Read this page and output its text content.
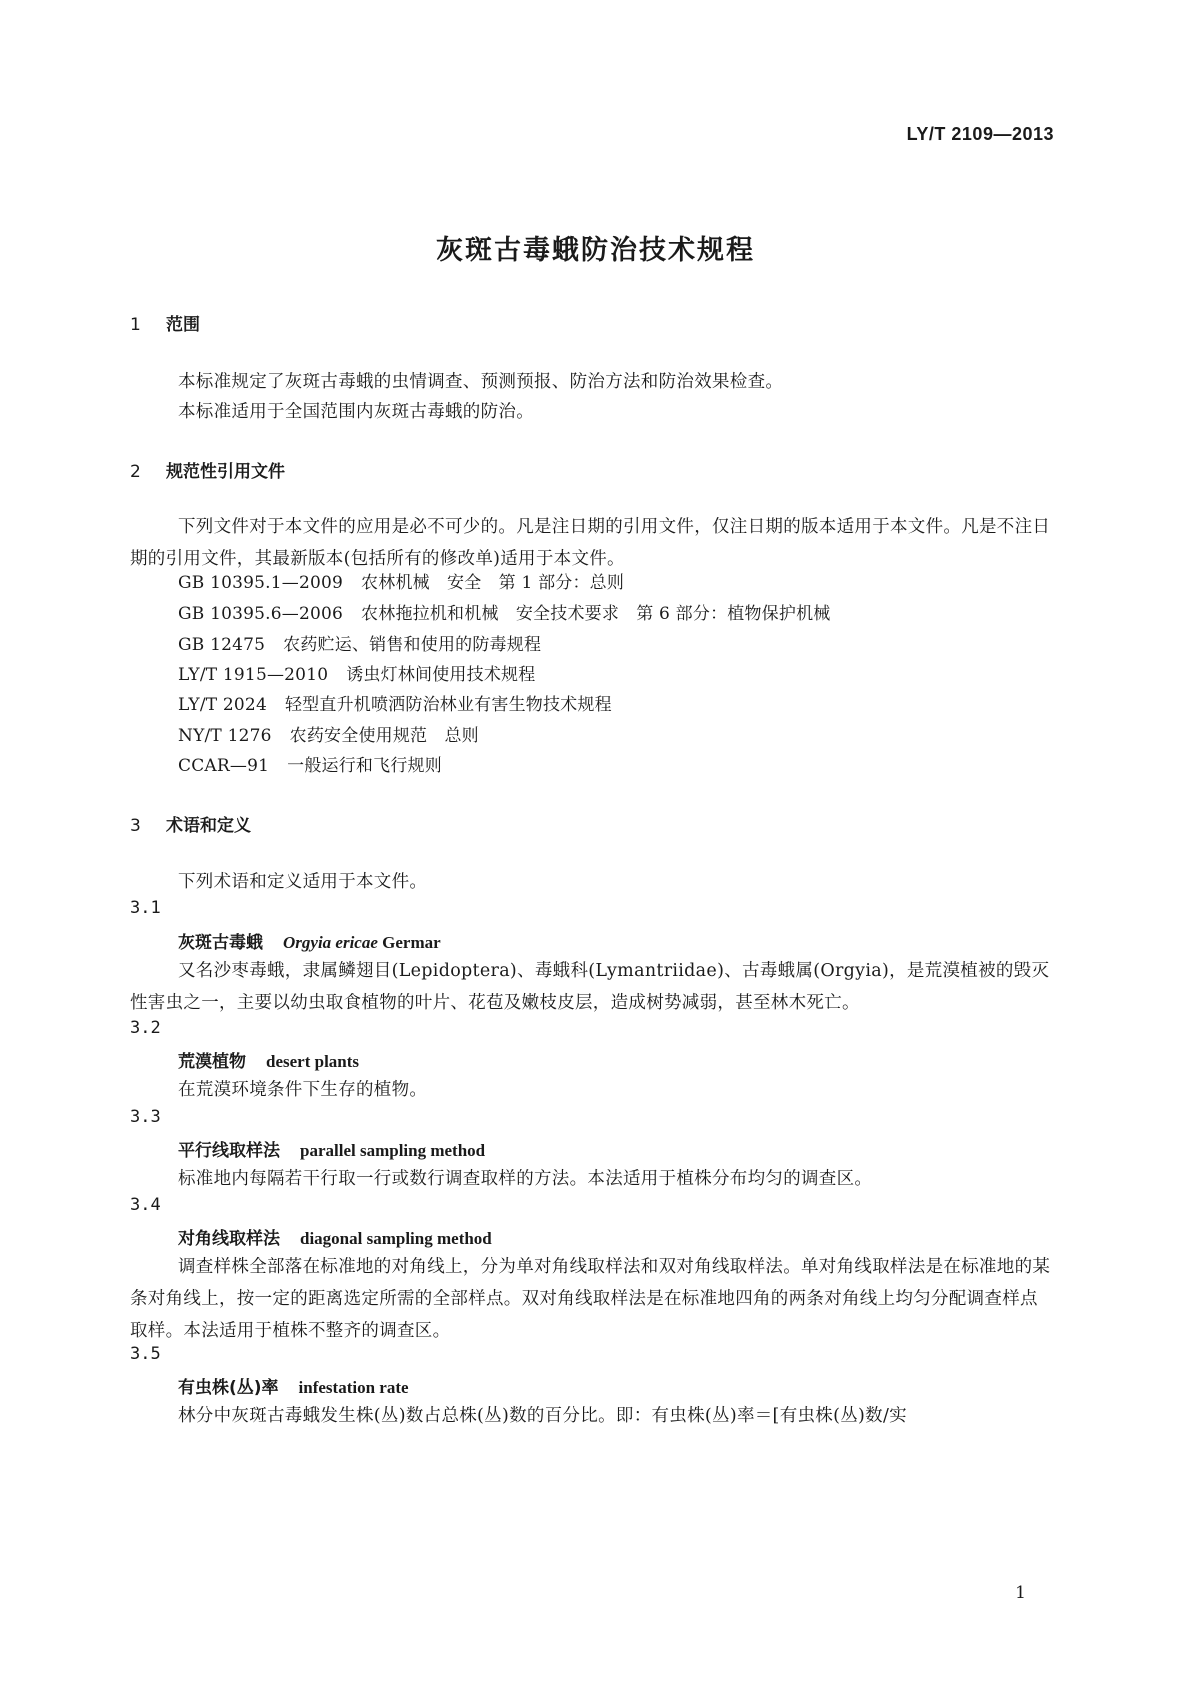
LY/T 2109—2013
灰斑古毒蛾防治技术规程
1 范围
本标准规定了灰斑古毒蛾的虫情调查、预测预报、防治方法和防治效果检查。
本标准适用于全国范围内灰斑古毒蛾的防治。
2 规范性引用文件
下列文件对于本文件的应用是必不可少的。凡是注日期的引用文件，仅注日期的版本适用于本文件。凡是不注日期的引用文件，其最新版本(包括所有的修改单)适用于本文件。
GB 10395.1—2009 农林机械　安全　第 1 部分：总则
GB 10395.6—2006 农林拖拉机和机械　安全技术要求　第 6 部分：植物保护机械
GB 12475 农药贮运、销售和使用的防毒规程
LY/T 1915—2010 诱虫灯林间使用技术规程
LY/T 2024 轻型直升机喷洒防治林业有害生物技术规程
NY/T 1276 农药安全使用规范　总则
CCAR—91 一般运行和飞行规则
3 术语和定义
下列术语和定义适用于本文件。
3.1
灰斑古毒蛾 Orgyia ericae Germar
又名沙枣毒蛾，隶属鳞翅目(Lepidoptera)、毒蛾科(Lymantriidae)、古毒蛾属(Orgyia)，是荒漠植被的毁灭性害虫之一，主要以幼虫取食植物的叶片、花苞及嫩枝皮层，造成树势减弱，甚至林木死亡。
3.2
荒漠植物 desert plants
在荒漠环境条件下生存的植物。
3.3
平行线取样法 parallel sampling method
标准地内每隔若干行取一行或数行调查取样的方法。本法适用于植株分布均匀的调查区。
3.4
对角线取样法 diagonal sampling method
调查样株全部落在标准地的对角线上，分为单对角线取样法和双对角线取样法。单对角线取样法是在标准地的某条对角线上，按一定的距离选定所需的全部样点。双对角线取样法是在标准地四角的两条对角线上均匀分配调查样点取样。本法适用于植株不整齐的调查区。
3.5
有虫株(丛)率 infestation rate
林分中灰斑古毒蛾发生株(丛)数占总株(丛)数的百分比。即：有虫株(丛)率＝[有虫株(丛)数/实
1
